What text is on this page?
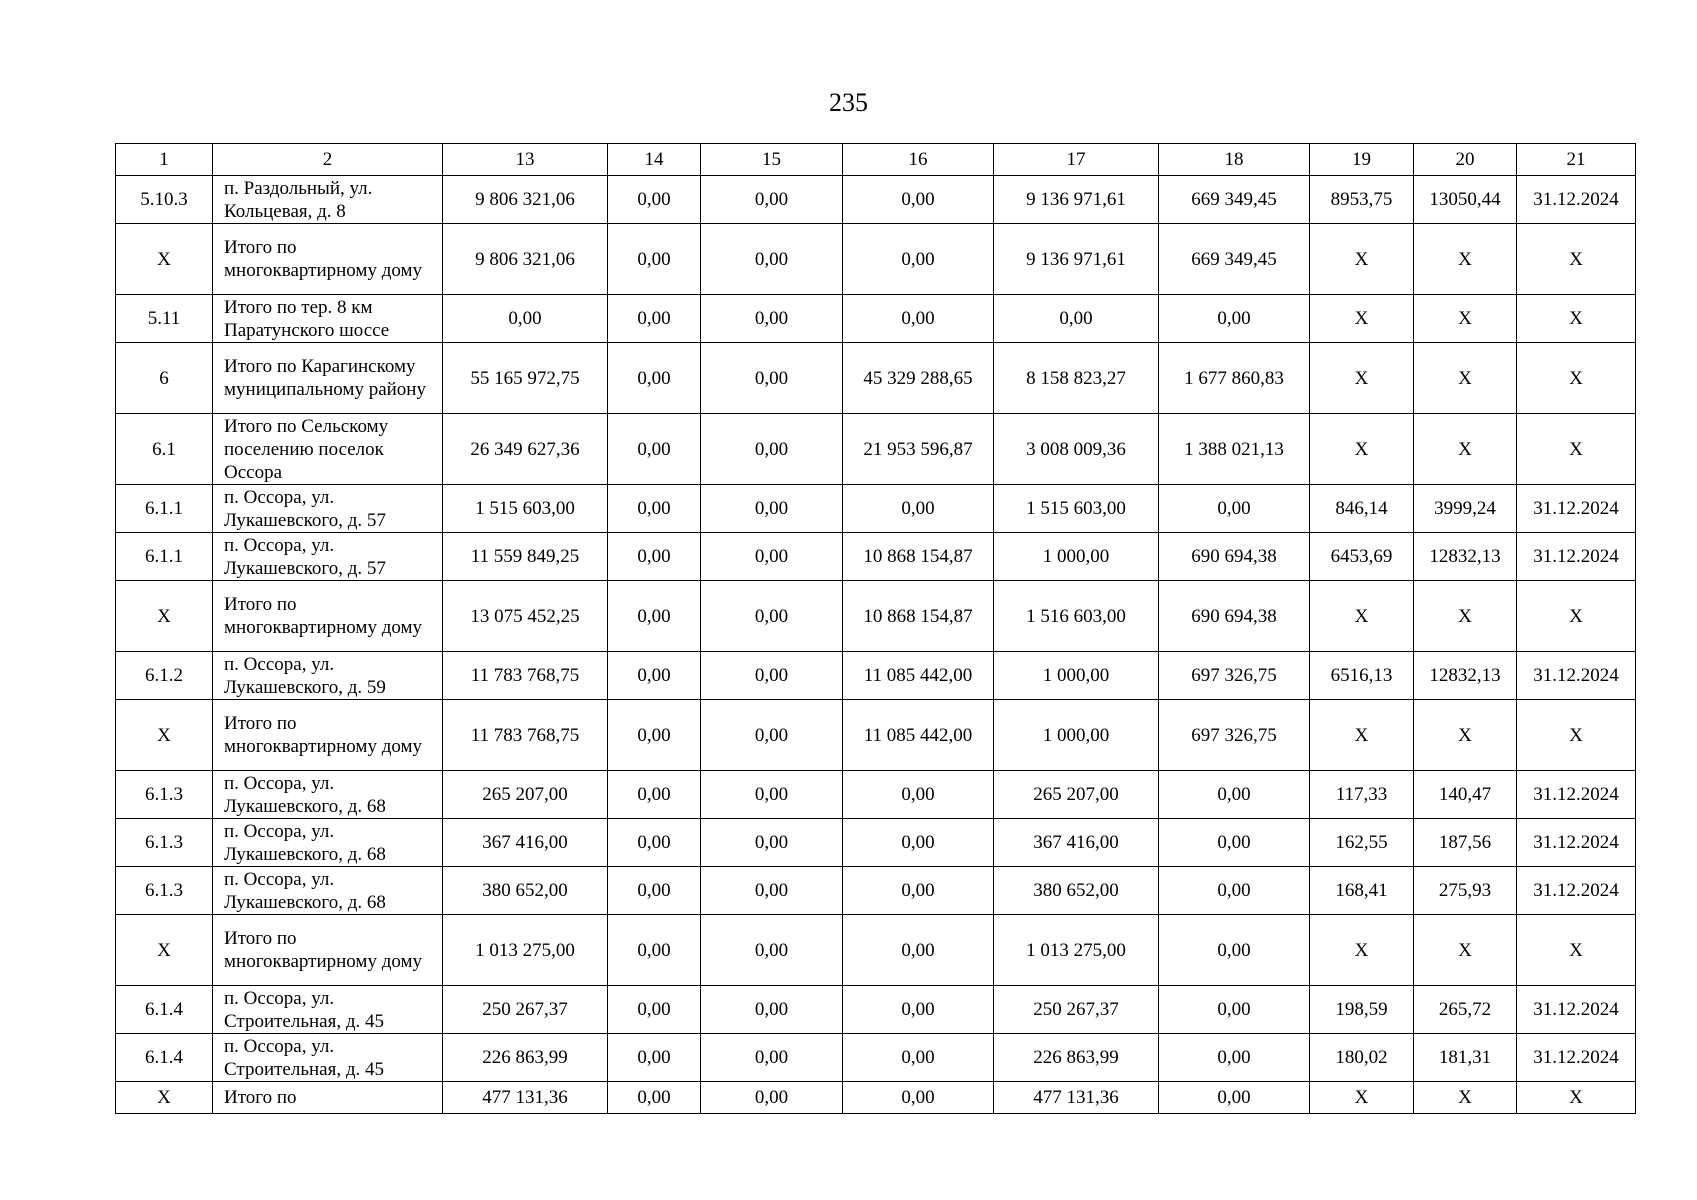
235
1	2	13	14	15	16	17	18	19	20	21
5.10.3	п. Раздольный, ул. Кольцевая, д. 8	9 806 321,06	0,00	0,00	0,00	9 136 971,61	669 349,45	8953,75	13050,44	31.12.2024
Х	Итого по многоквартирному дому	9 806 321,06	0,00	0,00	0,00	9 136 971,61	669 349,45	Х	Х	Х
5.11	Итого по тер. 8 км Паратунского шоссе	0,00	0,00	0,00	0,00	0,00	0,00	Х	Х	Х
6	Итого по Карагинскому муниципальному району	55 165 972,75	0,00	0,00	45 329 288,65	8 158 823,27	1 677 860,83	Х	Х	Х
6.1	Итого по Сельскому поселению поселок Оссора	26 349 627,36	0,00	0,00	21 953 596,87	3 008 009,36	1 388 021,13	Х	Х	Х
6.1.1	п. Оссора, ул. Лукашевского, д. 57	1 515 603,00	0,00	0,00	0,00	1 515 603,00	0,00	846,14	3999,24	31.12.2024
6.1.1	п. Оссора, ул. Лукашевского, д. 57	11 559 849,25	0,00	0,00	10 868 154,87	1 000,00	690 694,38	6453,69	12832,13	31.12.2024
Х	Итого по многоквартирному дому	13 075 452,25	0,00	0,00	10 868 154,87	1 516 603,00	690 694,38	Х	Х	Х
6.1.2	п. Оссора, ул. Лукашевского, д. 59	11 783 768,75	0,00	0,00	11 085 442,00	1 000,00	697 326,75	6516,13	12832,13	31.12.2024
Х	Итого по многоквартирному дому	11 783 768,75	0,00	0,00	11 085 442,00	1 000,00	697 326,75	Х	Х	Х
6.1.3	п. Оссора, ул. Лукашевского, д. 68	265 207,00	0,00	0,00	0,00	265 207,00	0,00	117,33	140,47	31.12.2024
6.1.3	п. Оссора, ул. Лукашевского, д. 68	367 416,00	0,00	0,00	0,00	367 416,00	0,00	162,55	187,56	31.12.2024
6.1.3	п. Оссора, ул. Лукашевского, д. 68	380 652,00	0,00	0,00	0,00	380 652,00	0,00	168,41	275,93	31.12.2024
Х	Итого по многоквартирному дому	1 013 275,00	0,00	0,00	0,00	1 013 275,00	0,00	Х	Х	Х
6.1.4	п. Оссора, ул. Строительная, д. 45	250 267,37	0,00	0,00	0,00	250 267,37	0,00	198,59	265,72	31.12.2024
6.1.4	п. Оссора, ул. Строительная, д. 45	226 863,99	0,00	0,00	0,00	226 863,99	0,00	180,02	181,31	31.12.2024
Х	Итого по	477 131,36	0,00	0,00	0,00	477 131,36	0,00	Х	Х	Х
